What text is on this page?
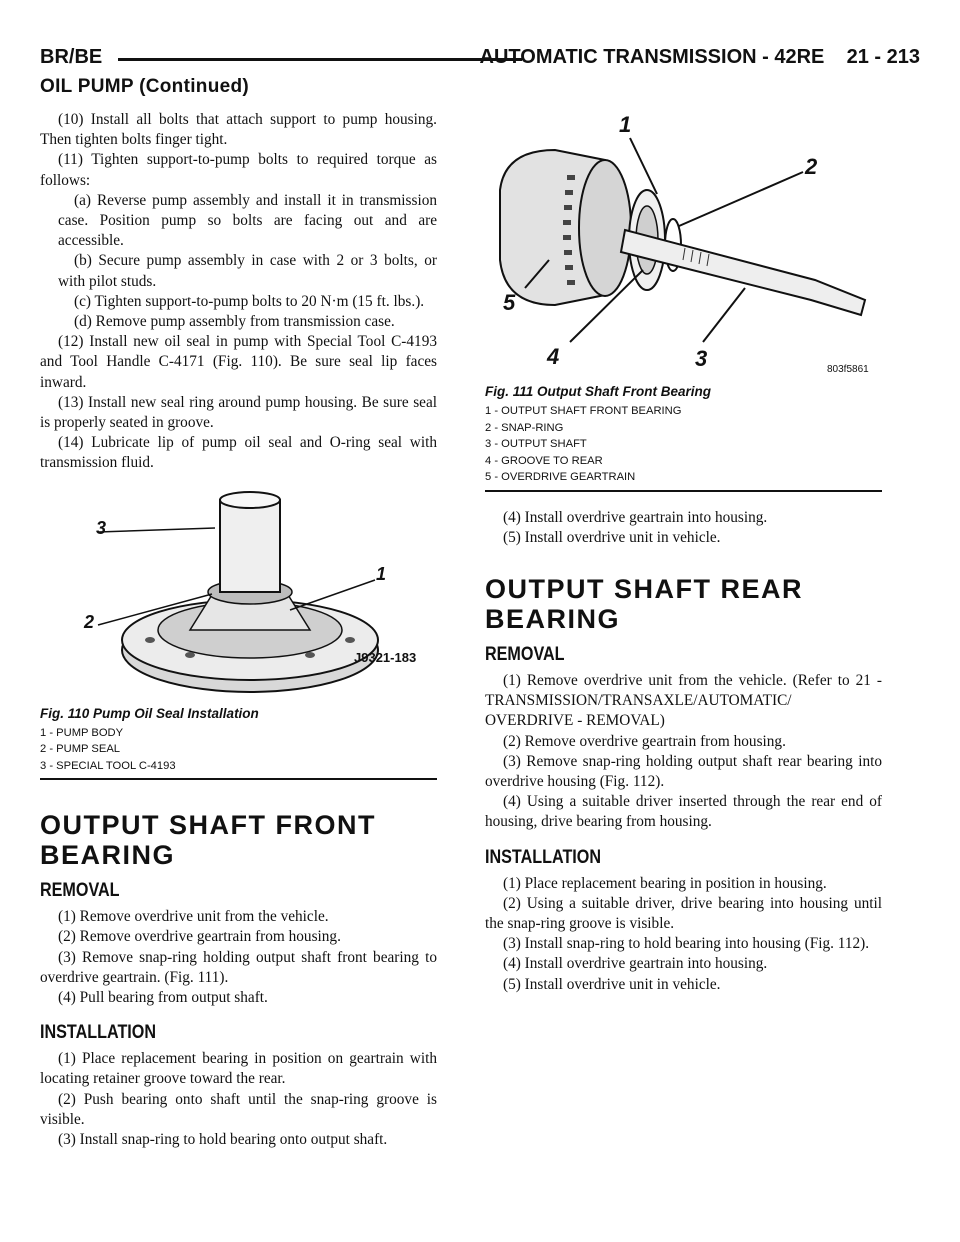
BR/BE	AUTOMATIC TRANSMISSION - 42RE    21 - 213
OIL PUMP (Continued)

(10) Install all bolts that attach support to pump housing. Then tighten bolts finger tight.

(11) Tighten support-to-pump bolts to required torque as follows:

(a) Reverse pump assembly and install it in transmission case. Position pump so bolts are facing out and are accessible.

(b) Secure pump assembly in case with 2 or 3 bolts, or with pilot studs.

(c) Tighten support-to-pump bolts to 20 N·m (15 ft. lbs.).

(d) Remove pump assembly from transmission case.

(12) Install new oil seal in pump with Special Tool C-4193 and Tool Handle C-4171 (Fig. 110). Be sure seal lip faces inward.

(13) Install new seal ring around pump housing. Be sure seal is properly seated in groove.

(14) Lubricate lip of pump oil seal and O-ring seal with transmission fluid.

3
2
1
J9321-183
Fig. 110 Pump Oil Seal Installation
1 - PUMP BODY
2 - PUMP SEAL
3 - SPECIAL TOOL C-4193
OUTPUT SHAFT FRONT BEARING
REMOVAL

(1) Remove overdrive unit from the vehicle.

(2) Remove overdrive geartrain from housing.

(3) Remove snap-ring holding output shaft front bearing to overdrive geartrain. (Fig. 111).

(4) Pull bearing from output shaft.

INSTALLATION

(1) Place replacement bearing in position on geartrain with locating retainer groove toward the rear.

(2) Push bearing onto shaft until the snap-ring groove is visible.

(3) Install snap-ring to hold bearing onto output shaft.

1
2
5
4	3	803f5861
Fig. 111 Output Shaft Front Bearing
1 - OUTPUT SHAFT FRONT BEARING
2 - SNAP-RING
3 - OUTPUT SHAFT
4 - GROOVE TO REAR
5 - OVERDRIVE GEARTRAIN

(4) Install overdrive geartrain into housing.

(5) Install overdrive unit in vehicle.

OUTPUT SHAFT REAR BEARING
REMOVAL

(1) Remove overdrive unit from the vehicle. (Refer to 21 - TRANSMISSION/TRANSAXLE/AUTOMATIC/ OVERDRIVE - REMOVAL)

(2) Remove overdrive geartrain from housing.

(3) Remove snap-ring holding output shaft rear bearing into overdrive housing (Fig. 112).

(4) Using a suitable driver inserted through the rear end of housing, drive bearing from housing.

INSTALLATION

(1) Place replacement bearing in position in housing.

(2) Using a suitable driver, drive bearing into housing until the snap-ring groove is visible.

(3) Install snap-ring to hold bearing into housing (Fig. 112).

(4) Install overdrive geartrain into housing.

(5) Install overdrive unit in vehicle.
